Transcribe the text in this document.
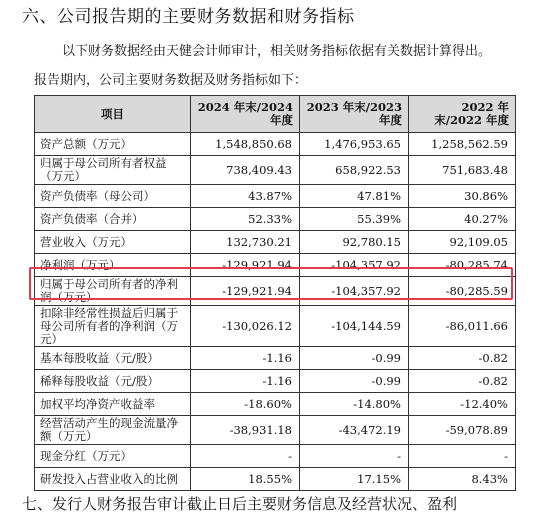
六、公司报告期的主要财务数据和财务指标

以下财务数据经由天健会计师审计，相关财务指标依据有关数据计算得出。

报告期内，公司主要财务数据及财务指标如下：

项目	2024 年末/2024 年度	2023 年末/2023 年度	2022 年末/2022 年度
资产总额（万元）	1,548,850.68	1,476,953.65	1,258,562.59
归属于母公司所有者权益（万元）	738,409.43	658,922.53	751,683.48
资产负债率（母公司）	43.87%	47.81%	30.86%
资产负债率（合并）	52.33%	55.39%	40.27%
营业收入（万元）	132,730.21	92,780.15	92,109.05
净利润（万元）	-129,921.94	-104,357.92	-80,285.74
归属于母公司所有者的净利润（万元）	-129,921.94	-104,357.92	-80,285.59
扣除非经常性损益后归属于母公司所有者的净利润（万元）	-130,026.12	-104,144.59	-86,011.66
基本每股收益（元/股）	-1.16	-0.99	-0.82
稀释每股收益（元/股）	-1.16	-0.99	-0.82
加权平均净资产收益率	-18.60%	-14.80%	-12.40%
经营活动产生的现金流量净额（万元）	-38,931.18	-43,472.19	-59,078.89
现金分红（万元）	-	-	-
研发投入占营业收入的比例	18.55%	17.15%	8.43%

七、发行人财务报告审计截止日后主要财务信息及经营状况、盈利
